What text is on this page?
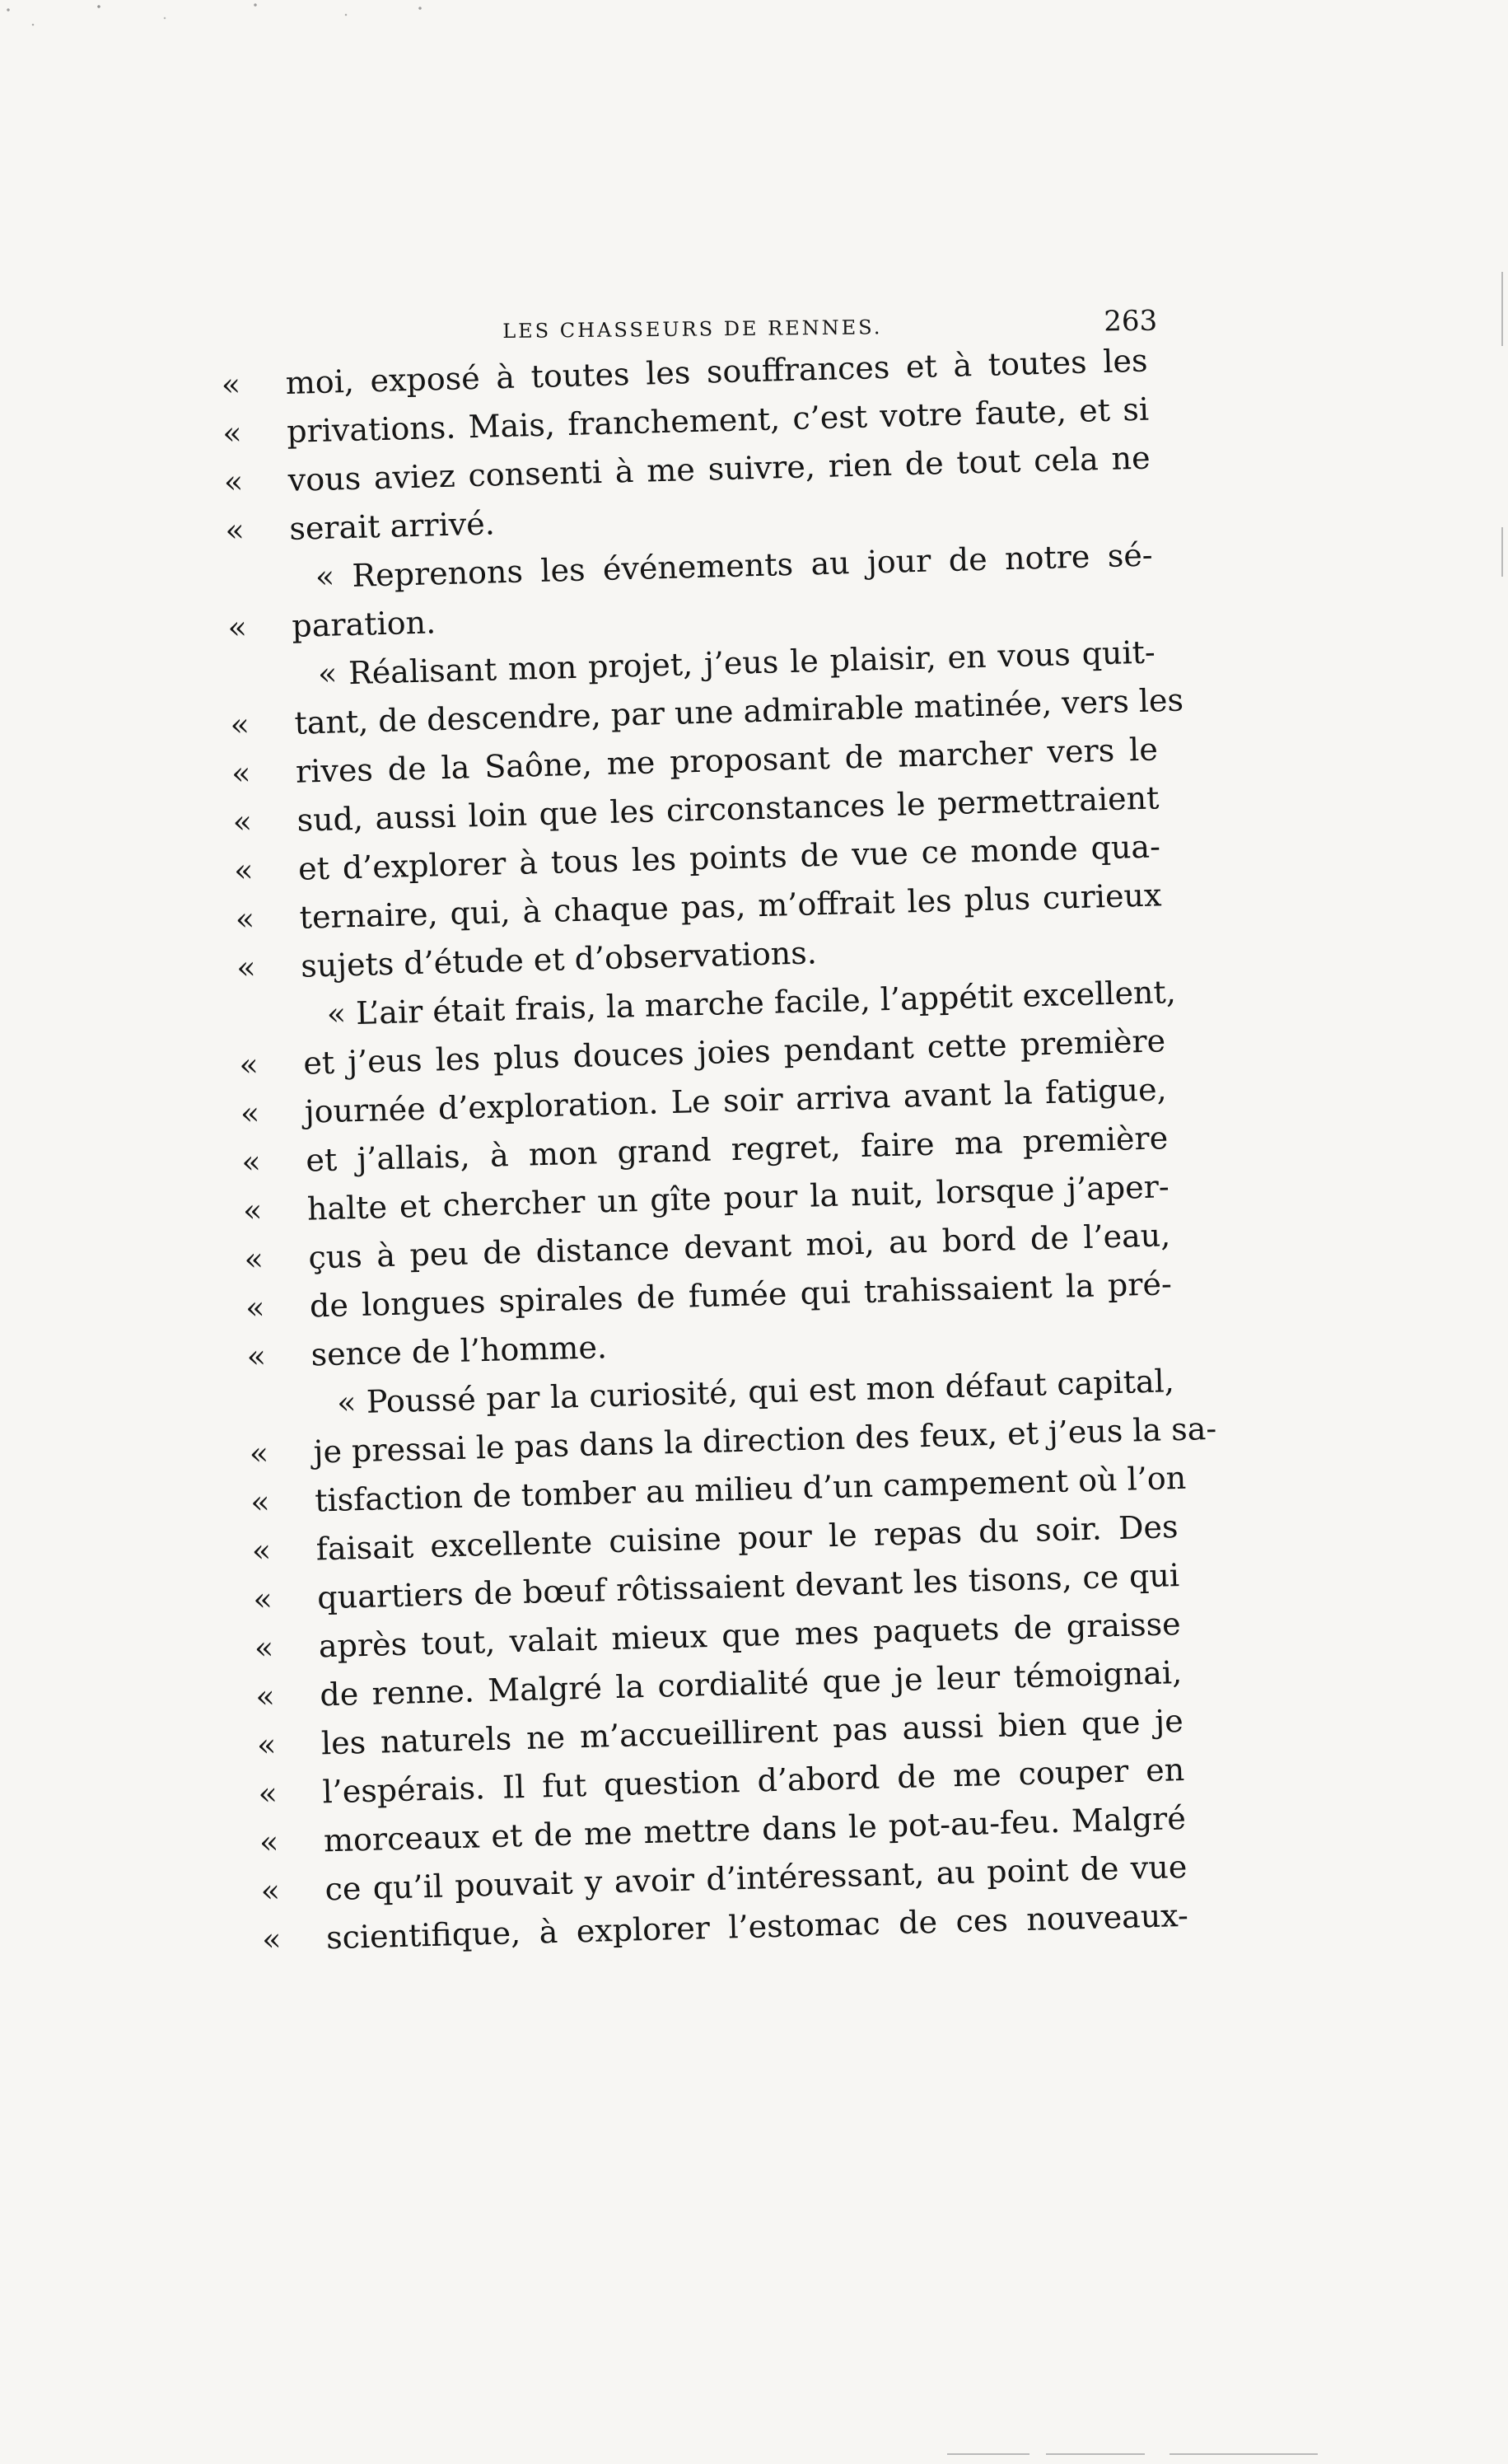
LES CHASSEURS DE RENNES.	263
«	moi, exposé à toutes les souffrances et à toutes les
«	privations. Mais, franchement, c’est votre faute, et si
«	vous aviez consenti à me suivre, rien de tout cela ne
«	serait arrivé.
« Reprenons les événements au jour de notre sé-
«	paration.
« Réalisant mon projet, j’eus le plaisir, en vous quit-
«	tant, de descendre, par une admirable matinée, vers les
«	rives de la Saône, me proposant de marcher vers le
«	sud, aussi loin que les circonstances le permettraient
«	et d’explorer à tous les points de vue ce monde qua-
«	ternaire, qui, à chaque pas, m’offrait les plus curieux
«	sujets d’étude et d’observations.
« L’air était frais, la marche facile, l’appétit excellent,
«	et j’eus les plus douces joies pendant cette première
«	journée d’exploration. Le soir arriva avant la fatigue,
«	et j’allais, à mon grand regret, faire ma première
«	halte et chercher un gîte pour la nuit, lorsque j’aper-
«	çus à peu de distance devant moi, au bord de l’eau,
«	de longues spirales de fumée qui trahissaient la pré-
«	sence de l’homme.
« Poussé par la curiosité, qui est mon défaut capital,
«	je pressai le pas dans la direction des feux, et j’eus la sa-
«	tisfaction de tomber au milieu d’un campement où l’on
«	faisait excellente cuisine pour le repas du soir. Des
«	quartiers de bœuf rôtissaient devant les tisons, ce qui
«	après tout, valait mieux que mes paquets de graisse
«	de renne. Malgré la cordialité que je leur témoignai,
«	les naturels ne m’accueillirent pas aussi bien que je
«	l’espérais. Il fut question d’abord de me couper en
«	morceaux et de me mettre dans le pot-au-feu. Malgré
«	ce qu’il pouvait y avoir d’intéressant, au point de vue
«	scientifique, à explorer l’estomac de ces nouveaux-
